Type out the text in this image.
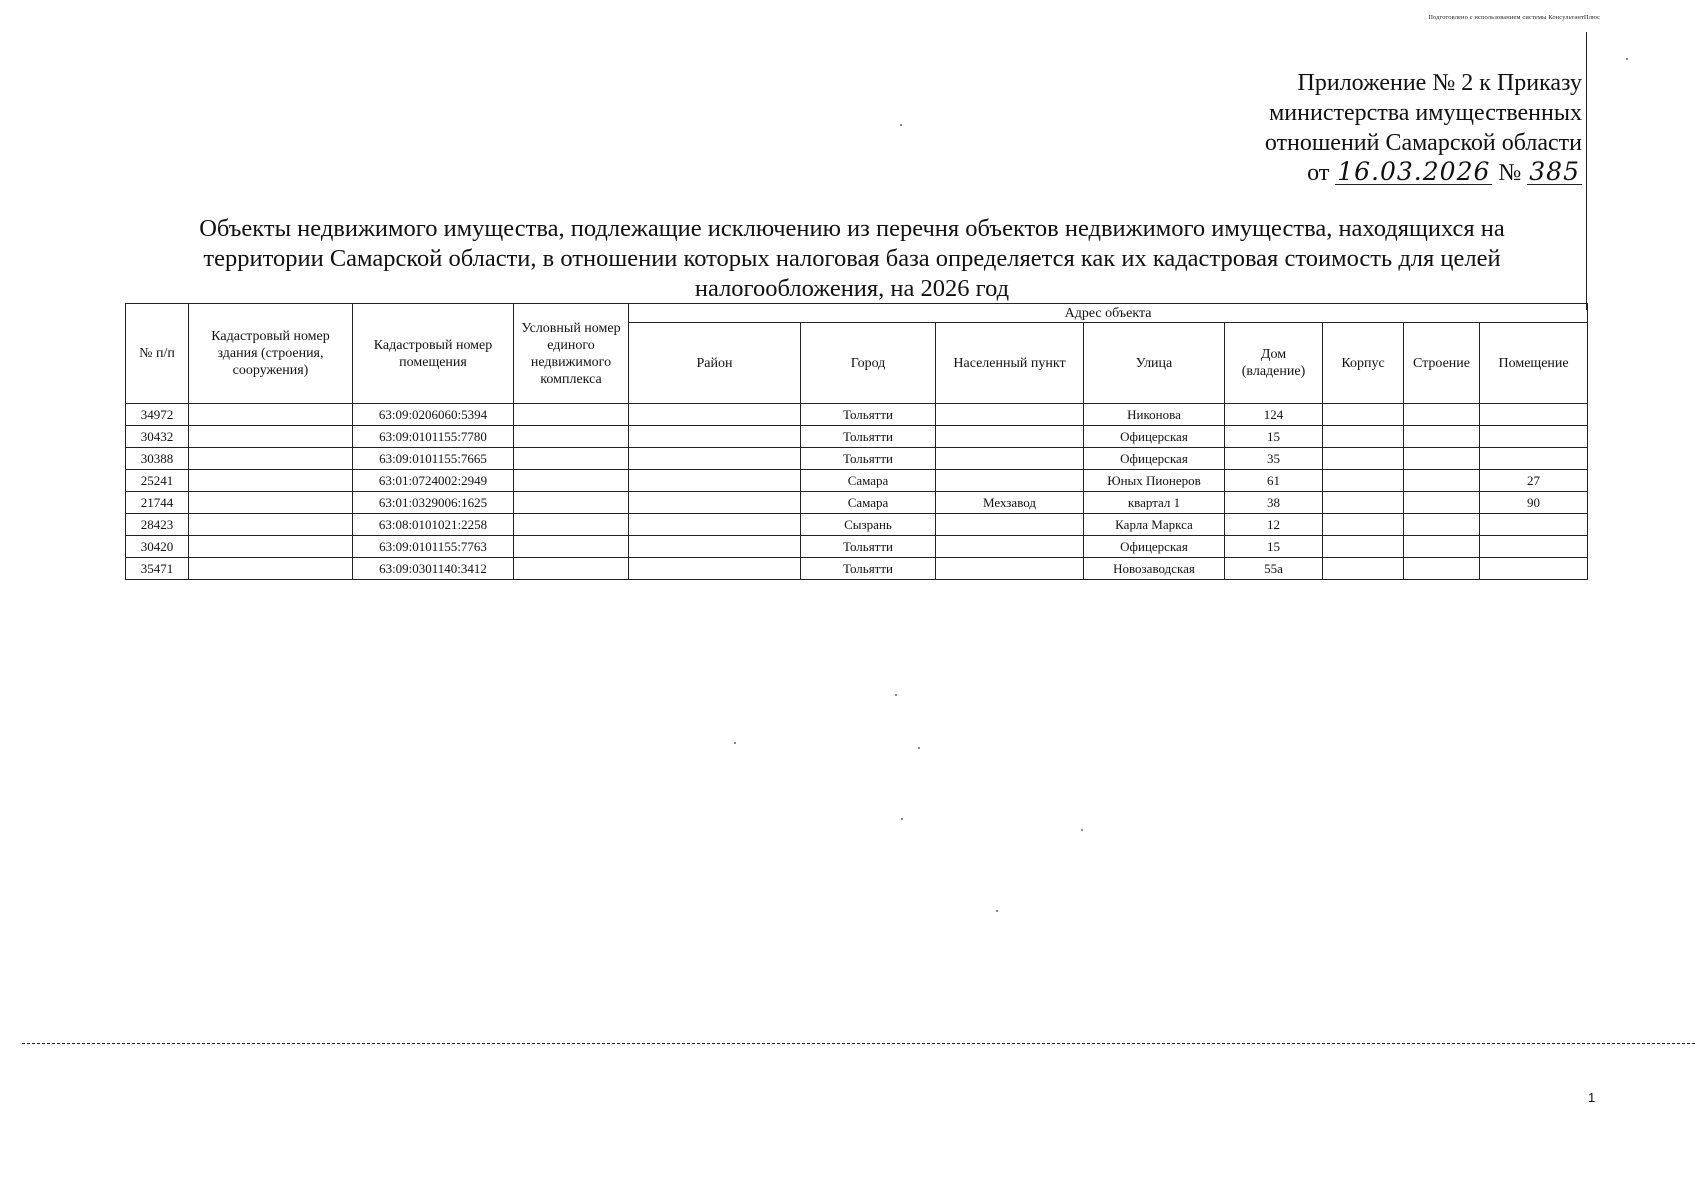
Подготовлено с использованием системы КонсультантПлюс
Приложение № 2 к Приказу
министерства имущественных
отношений Самарской области
от 16.03.2026 № 385
Объекты недвижимого имущества, подлежащие исключению из перечня объектов недвижимого имущества, находящихся на
территории Самарской области, в отношении которых налоговая база определяется как их кадастровая стоимость для целей
налогообложения, на 2026 год
№ п/п	Кадастровый номер здания (строения, сооружения)	Кадастровый номер помещения	Условный номер единого недвижимого комплекса	Адрес объекта							
				Район	Город	Населенный пункт	Улица	Дом (владение)	Корпус	Строение	Помещение
34972		63:09:0206060:5394			Тольятти		Никонова	124			
30432		63:09:0101155:7780			Тольятти		Офицерская	15			
30388		63:09:0101155:7665			Тольятти		Офицерская	35			
25241		63:01:0724002:2949			Самара		Юных Пионеров	61			27
21744		63:01:0329006:1625			Самара	Мехзавод	квартал 1	38			90
28423		63:08:0101021:2258			Сызрань		Карла Маркса	12			
30420		63:09:0101155:7763			Тольятти		Офицерская	15			
35471		63:09:0301140:3412			Тольятти		Новозаводская	55а			
1
